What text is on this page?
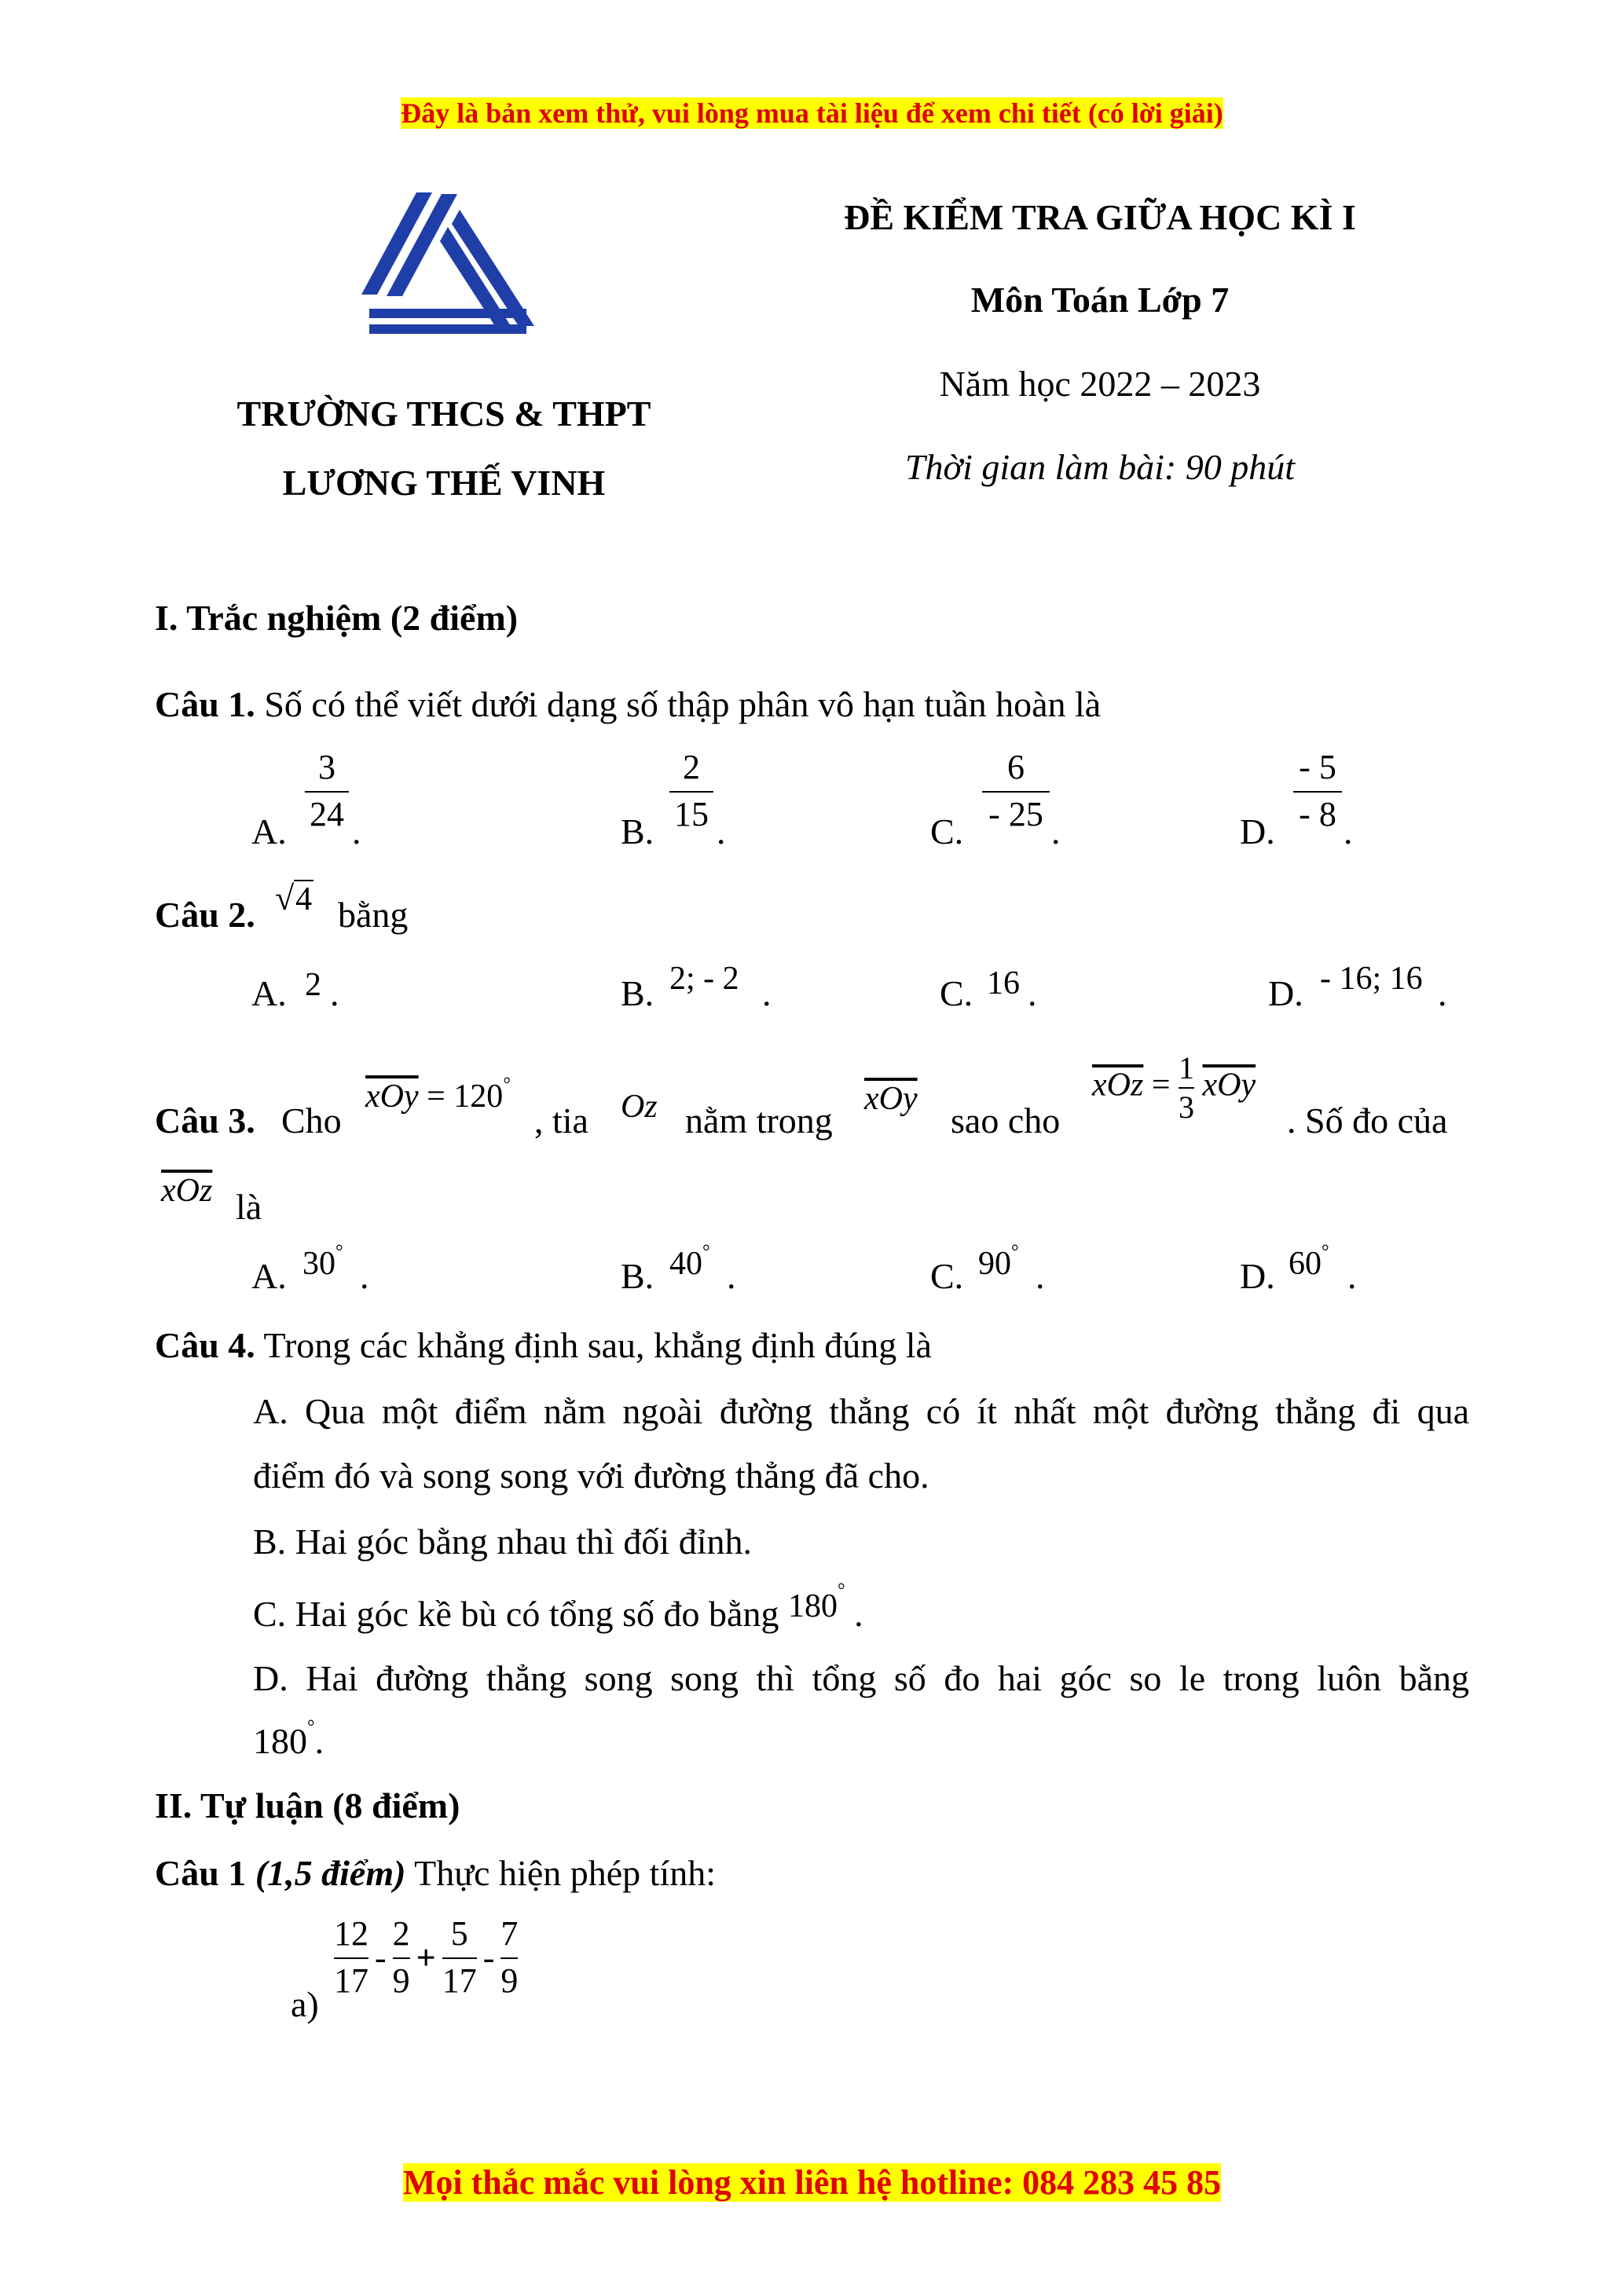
Đây là bản xem thử, vui lòng mua tài liệu để xem chi tiết (có lời giải)
TRƯỜNG THCS & THPT
LƯƠNG THẾ VINH
ĐỀ KIỂM TRA GIỮA HỌC KÌ I
Môn Toán Lớp 7
Năm học 2022 – 2023
Thời gian làm bài: 90 phút
I. Trắc nghiệm (2 điểm)
Câu 1. Số có thể viết dưới dạng số thập phân vô hạn tuần hoàn là
A.
3
24 .	B.
2
15 .	C.
6
- 25 .	D.
- 5
- 8 .
Câu 2. √4 bằng
A. 2 .	B. 2; - 2 .	C. 16 .	D. - 16; 16 .
Câu 3. Cho
$\overline{xOy} = 120^\circ$
, tia Oz nằm trong
$\overline{xOy}$
sao cho
$\overline{xOz} = \frac{1}{3} \overline{xOy}$
. Số đo của
$\overline{xOz}$ là
A. 30°
.	B. 40°
.	C. 90°
.	D. 60°
.
Câu 4. Trong các khẳng định sau, khẳng định đúng là
A. Qua một điểm nằm ngoài đường thẳng có ít nhất một đường thẳng đi qua
điểm đó và song song với đường thẳng đã cho.
B. Hai góc bằng nhau thì đối đỉnh.
C. Hai góc kề bù có tổng số đo bằng 180° .
D. Hai đường thẳng song song thì tổng số đo hai góc so le trong luôn bằng
180°.
II. Tự luận (8 điểm)
Câu 1 (1,5 điểm) Thực hiện phép tính:
a)
12
17
-
2
9
+
5
17
-
7
9
Mọi thắc mắc vui lòng xin liên hệ hotline: 084 283 45 85
